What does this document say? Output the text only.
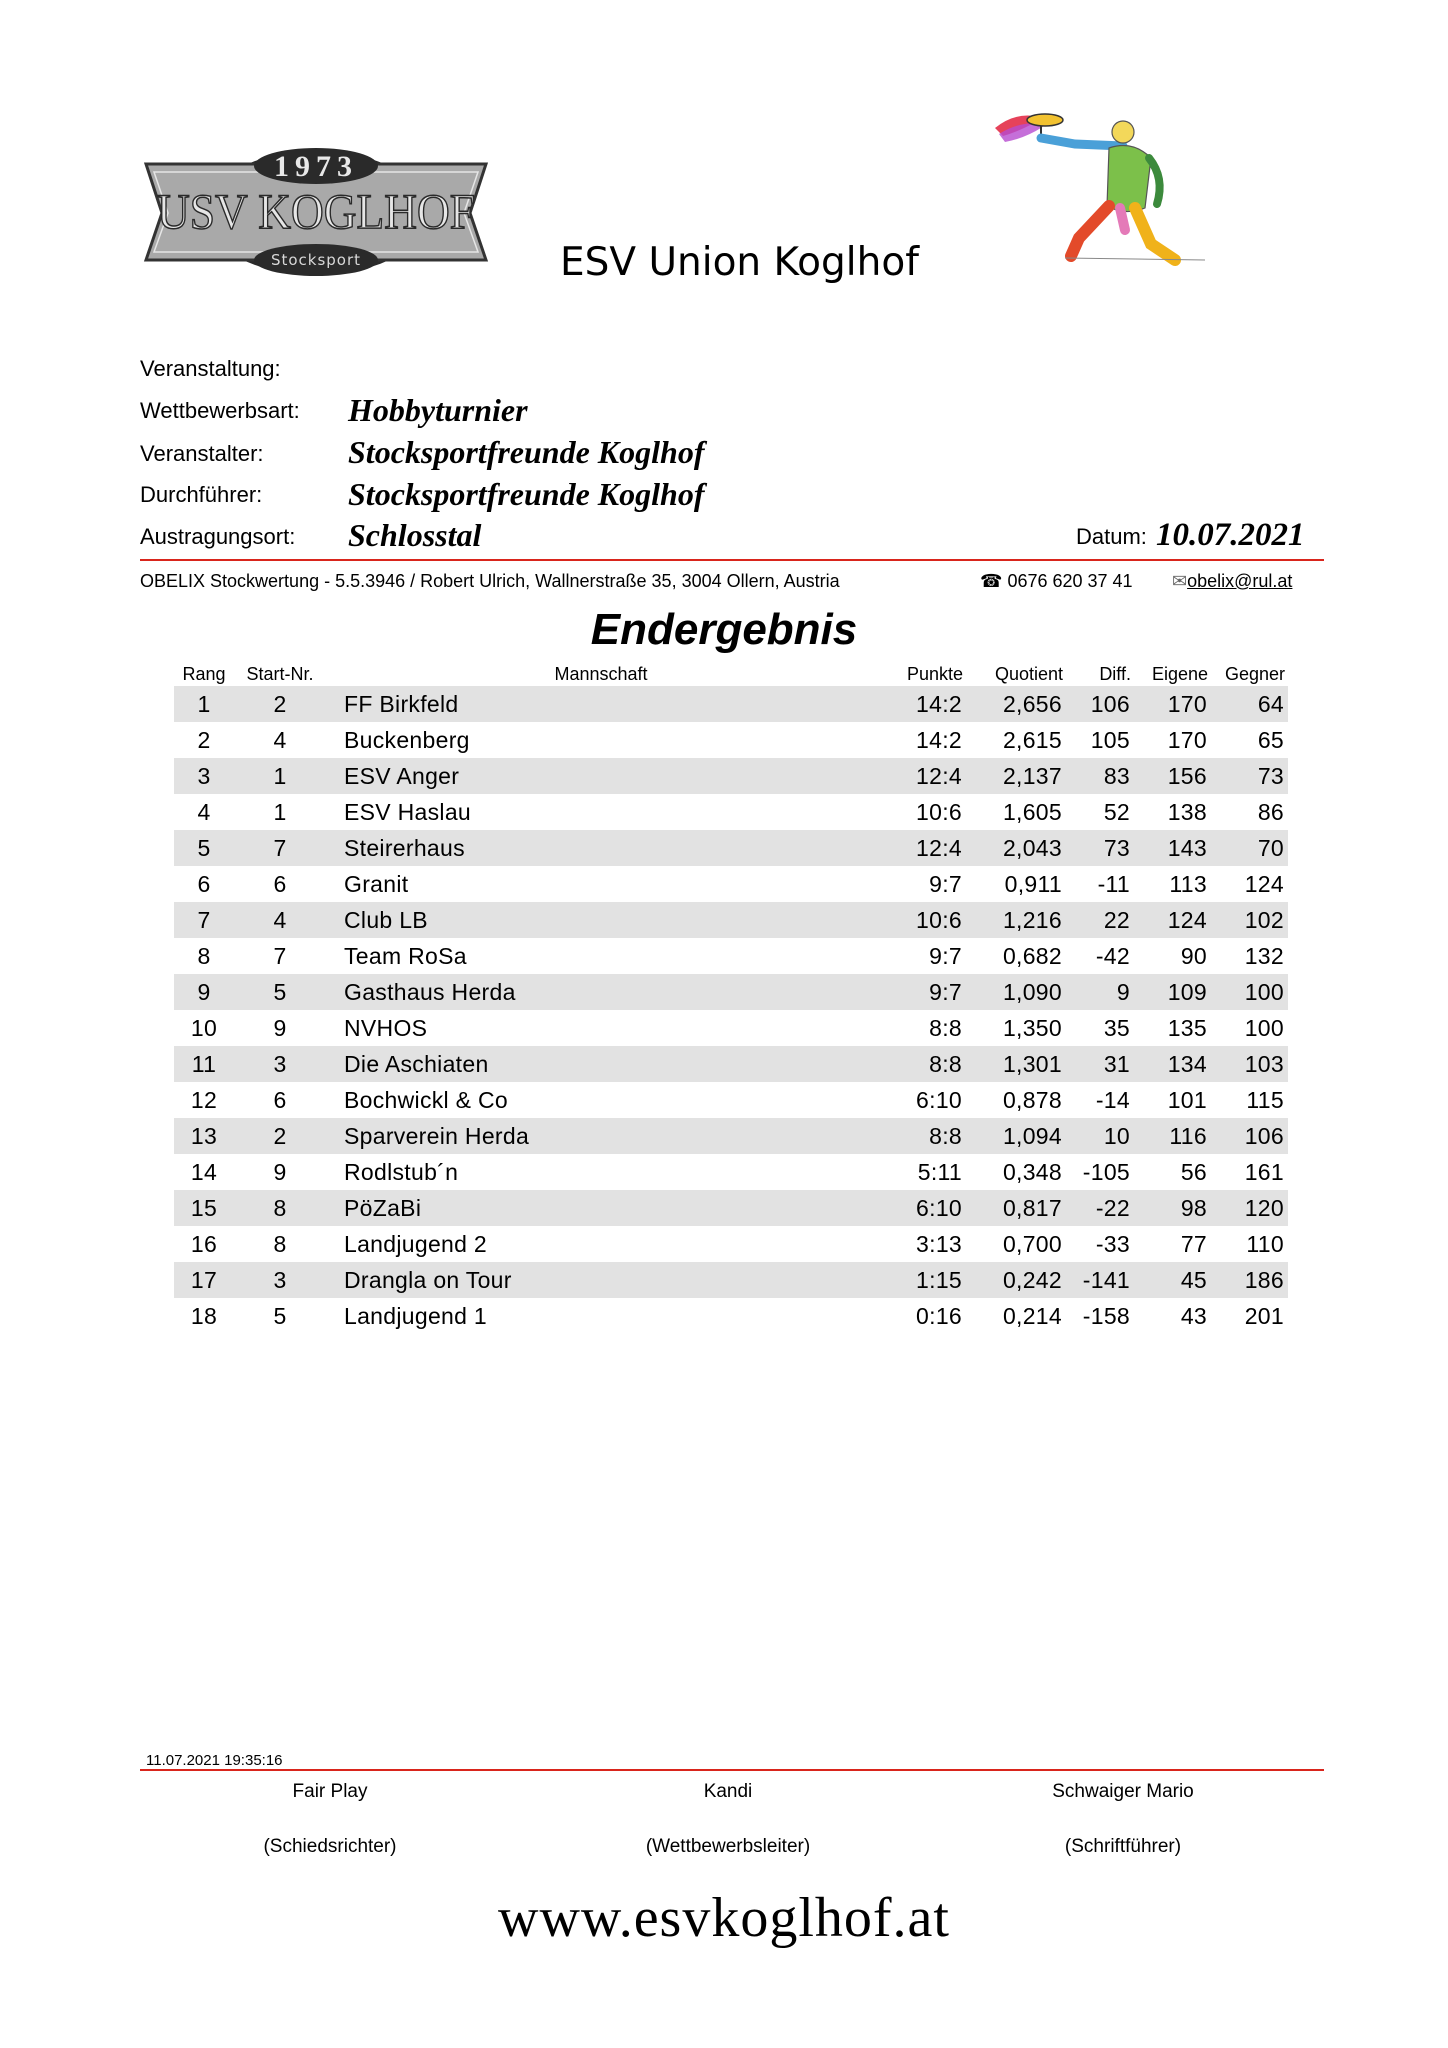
1973
USV KOGLHOF
Stocksport	ESV Union Koglhof
Veranstaltung:
Wettbewerbsart: Hobbyturnier
Veranstalter:	Stocksportfreunde Koglhof
Durchführer:	Stocksportfreunde Koglhof
Austragungsort: Schlosstal	Datum: 10.07.2021
OBELIX Stockwertung - 5.5.3946 / Robert Ulrich, Wallnerstraße 35, 3004 Ollern, Austria	☎ 0676 620 37 41 ✉obelix@rul.at
Endergebnis
Rang	Start-Nr.	Mannschaft	Punkte	Quotient	Diff.	Eigene	Gegner
1	2	FF Birkfeld	14:2	2,656	106	170	64
2	4	Buckenberg	14:2	2,615	105	170	65
3	1	ESV Anger	12:4	2,137	83	156	73
4	1	ESV Haslau	10:6	1,605	52	138	86
5	7	Steirerhaus	12:4	2,043	73	143	70
6	6	Granit	9:7	0,911	-11	113	124
7	4	Club LB	10:6	1,216	22	124	102
8	7	Team RoSa	9:7	0,682	-42	90	132
9	5	Gasthaus Herda	9:7	1,090	9	109	100
10	9	NVHOS	8:8	1,350	35	135	100
11	3	Die Aschiaten	8:8	1,301	31	134	103
12	6	Bochwickl & Co	6:10	0,878	-14	101	115
13	2	Sparverein Herda	8:8	1,094	10	116	106
14	9	Rodlstub´n	5:11	0,348	-105	56	161
15	8	PöZaBi	6:10	0,817	-22	98	120
16	8	Landjugend 2	3:13	0,700	-33	77	110
17	3	Drangla on Tour	1:15	0,242	-141	45	186
18	5	Landjugend 1	0:16	0,214	-158	43	201
11.07.2021 19:35:16
Fair Play
(Schiedsrichter)
Kandi
(Wettbewerbsleiter)
Schwaiger Mario
(Schriftführer)
www.esvkoglhof.at
